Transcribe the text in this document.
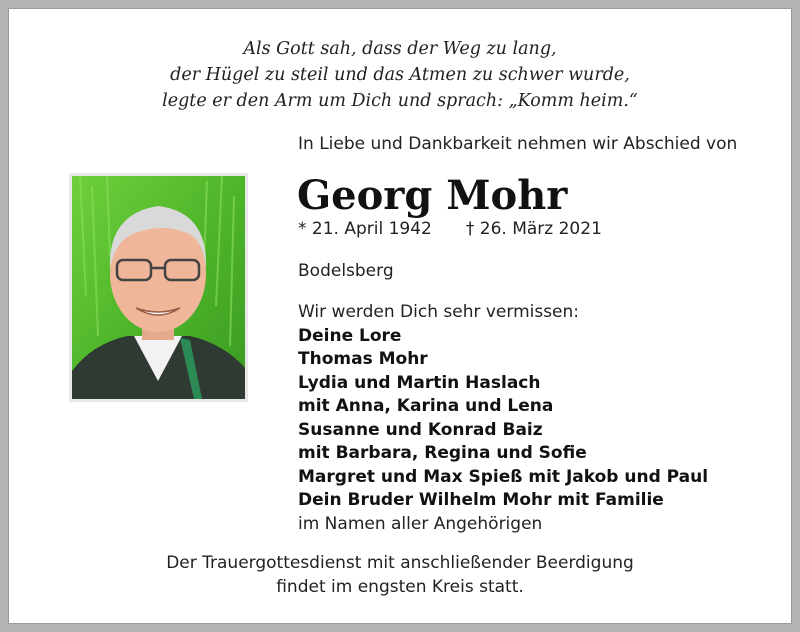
Als Gott sah, dass der Weg zu lang,
der Hügel zu steil und das Atmen zu schwer wurde,
legte er den Arm um Dich und sprach: „Komm heim.“
In Liebe und Dankbarkeit nehmen wir Abschied von
Georg Mohr
* 21. April 1942 † 26. März 2021
Bodelsberg
Wir werden Dich sehr vermissen:
Deine Lore
Thomas Mohr
Lydia und Martin Haslach
mit Anna, Karina und Lena
Susanne und Konrad Baiz
mit Barbara, Regina und Sofie
Margret und Max Spieß mit Jakob und Paul
Dein Bruder Wilhelm Mohr mit Familie
im Namen aller Angehörigen
Der Trauergottesdienst mit anschließender Beerdigung
findet im engsten Kreis statt.
